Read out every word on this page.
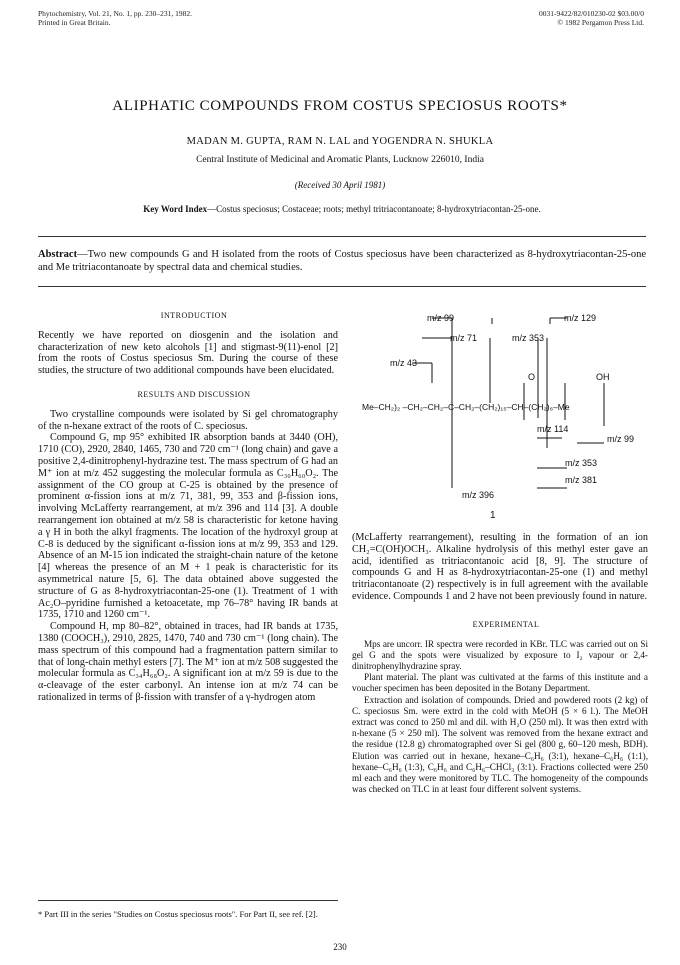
Phytochemistry, Vol. 21, No. 1, pp. 230–231, 1982.
Printed in Great Britain.
0031-9422/82/010230-02 $03.00/0
© 1982 Pergamon Press Ltd.
ALIPHATIC COMPOUNDS FROM COSTUS SPECIOSUS ROOTS*
MADAN M. GUPTA, RAM N. LAL and YOGENDRA N. SHUKLA
Central Institute of Medicinal and Aromatic Plants, Lucknow 226010, India
(Received 30 April 1981)
Key Word Index—Costus speciosus; Costaceae; roots; methyl tritriacontanoate; 8-hydroxytriacontan-25-one.
Abstract—Two new compounds G and H isolated from the roots of Costus speciosus have been characterized as 8-hydroxytriacontan-25-one and Me tritriacontanoate by spectral data and chemical studies.

INTRODUCTION

Recently we have reported on diosgenin and the isolation and characterization of new keto alcohols [1] and stigmast-9(11)-enol [2] from the roots of Costus speciosus Sm. During the course of these studies, the structure of two additional compounds have been elucidated.

RESULTS AND DISCUSSION

Two crystalline compounds were isolated by Si gel chromatography of the n-hexane extract of the roots of C. speciosus.

Compound G, mp 95° exhibited IR absorption bands at 3440 (OH), 1710 (CO), 2920, 2840, 1465, 730 and 720 cm⁻¹ (long chain) and gave a positive 2,4-dinitrophenyl-hydrazine test. The mass spectrum of G had an M⁺ ion at m/z 452 suggesting the molecular formula as C₃₀H₆₀O₂. The assignment of the CO group at C-25 is obtained by the presence of prominent α-fission ions at m/z 71, 381, 99, 353 and β-fission ions, involving McLafferty rearrangement, at m/z 396 and 114 [3]. A double rearrangement ion obtained at m/z 58 is characteristic for ketone having a γ H in both the alkyl fragments. The location of the hydroxyl group at C-8 is deduced by the significant α-fission ions at m/z 99, 353 and 129. Absence of an M-15 ion indicated the straight-chain nature of the ketone [4] whereas the presence of an M + 1 peak is characteristic for its asymmetrical nature [5, 6]. The data obtained above suggested the structure of G as 8-hydroxytriacontan-25-one (1). Treatment of 1 with Ac₂O–pyridine furnished a ketoacetate, mp 76–78° having IR bands at 1735, 1710 and 1260 cm⁻¹.

Compound H, mp 80–82°, obtained in traces, had IR bands at 1735, 1380 (COOCH₃), 2910, 2825, 1470, 740 and 730 cm⁻¹ (long chain). The mass spectrum of this compound had a fragmentation pattern similar to that of long-chain methyl esters [7]. The M⁺ ion at m/z 508 suggested the molecular formula as C₃₄H₆₈O₂. A significant ion at m/z 59 is due to the α-cleavage of the ester carbonyl. An intense ion at m/z 74 can be rationalized in terms of β-fission with transfer of a γ-hydrogen atom

m/z 99	m/z 129
m/z 71	m/z 353
m/z 43
O	OH
Me–CH₂)₂ –CH₂–CH₂–C–CH₂–(CH₂)₁₅–CH–(CH₂)₆–Me
m/z 114
m/z 99
m/z 353
m/z 381
m/z 396
1

(McLafferty rearrangement), resulting in the formation of an ion CH₂=C(OH)OCH₃. Alkaline hydrolysis of this methyl ester gave an acid, identified as tritriacontanoic acid [8, 9]. The structure of compounds G and H as 8-hydroxytriacontan-25-one (1) and methyl tritriacontanoate (2) respectively is in full agreement with the available evidence. Compounds 1 and 2 have not been previously found in nature.

EXPERIMENTAL

Mps are uncorr. IR spectra were recorded in KBr. TLC was carried out on Si gel G and the spots were visualized by exposure to I₂ vapour or 2,4-dinitrophenylhydrazine spray.

Plant material. The plant was cultivated at the farms of this institute and a voucher specimen has been deposited in the Botany Department.

Extraction and isolation of compounds. Dried and powdered roots (2 kg) of C. speciosus Sm. were extrd in the cold with MeOH (5 × 6 l.). The MeOH extract was concd to 250 ml and dil. with H₂O (250 ml). It was then extrd with n-hexane (5 × 250 ml). The solvent was removed from the hexane extract and the residue (12.8 g) chromatographed over Si gel (800 g, 60–120 mesh, BDH). Elution was carried out in hexane, hexane–C₆H₆ (3:1), hexane–C₆H₆ (1:1), hexane–C₆H₆ (1:3), C₆H₆ and C₆H₆–CHCl₃ (3:1). Fractions collected were 250 ml each and they were monitored by TLC. The homogeneity of the compounds was checked on TLC in at least four different solvent systems.

* Part III in the series "Studies on Costus speciosus roots". For Part II, see ref. [2].
230
